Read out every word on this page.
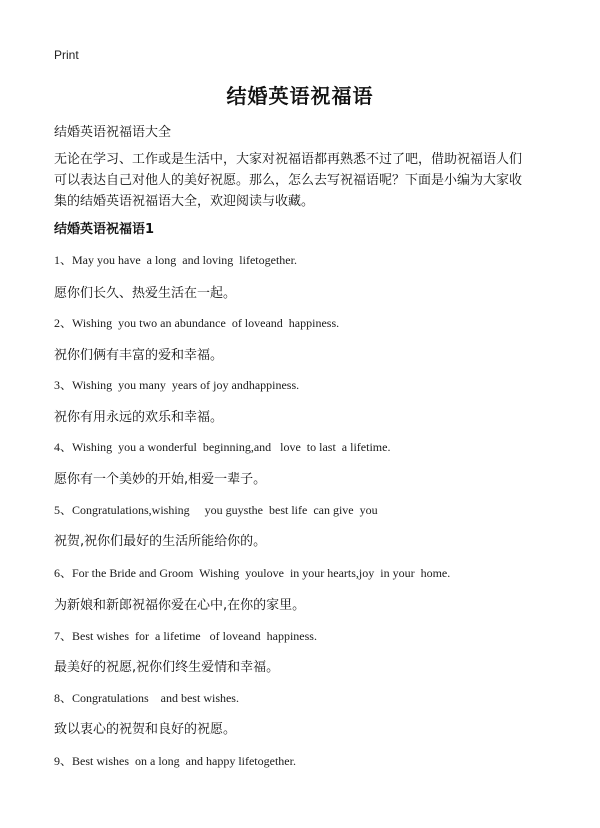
Print
结婚英语祝福语
结婚英语祝福语大全
无论在学习、工作或是生活中，大家对祝福语都再熟悉不过了吧，借助祝福语人们
可以表达自己对他人的美好祝愿。那么，怎么去写祝福语呢？下面是小编为大家收
集的结婚英语祝福语大全，欢迎阅读与收藏。
结婚英语祝福语1
1、May you have  a long  and loving  lifetogether.
愿你们长久、热爱生活在一起。
2、Wishing  you two an abundance  of loveand  happiness.
祝你们俩有丰富的爱和幸福。
3、Wishing  you many  years of joy andhappiness.
祝你有用永远的欢乐和幸福。
4、Wishing  you a wonderful  beginning,and   love  to last  a lifetime.
愿你有一个美妙的开始,相爱一辈子。
5、Congratulations,wishing     you guysthe  best life  can give  you
祝贺,祝你们最好的生活所能给你的。
6、For the Bride and Groom  Wishing  youlove  in your hearts,joy  in your  home.
为新娘和新郎祝福你爱在心中,在你的家里。
7、Best wishes  for  a lifetime   of loveand  happiness.
最美好的祝愿,祝你们终生爱情和幸福。
8、Congratulations    and best wishes.
致以衷心的祝贺和良好的祝愿。
9、Best wishes  on a long  and happy lifetogether.
